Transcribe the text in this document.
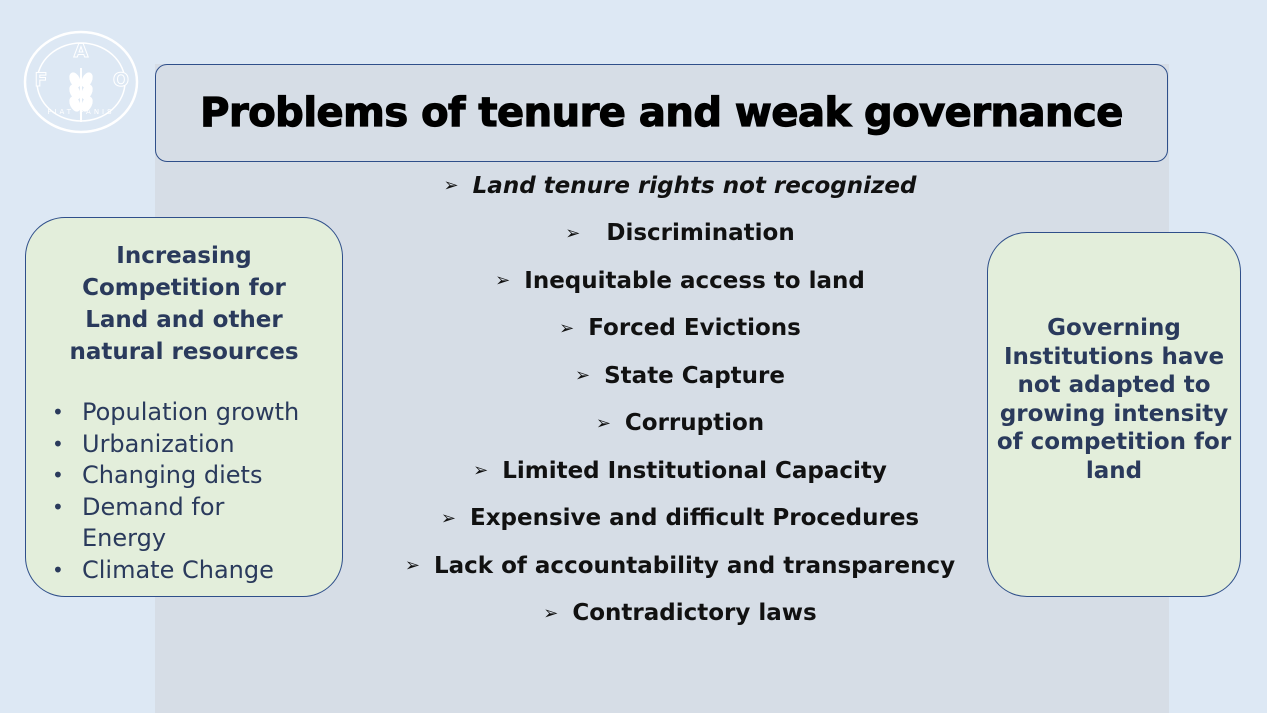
F
A
O
FIAT PANIS Problems of tenure and weak governance
➢ Land tenure rights not recognized
➢ Discrimination
➢ Inequitable access to land
➢ Forced Evictions
➢ State Capture
➢ Corruption
➢ Limited Institutional Capacity
➢ Expensive and difficult Procedures
➢ Lack of accountability and transparency
➢ Contradictory laws
Increasing Competition for Land and other natural resources
• Population growth
• Urbanization
• Changing diets
• Demand for Energy
• Climate Change
Governing Institutions have not adapted to growing intensity of competition for land
